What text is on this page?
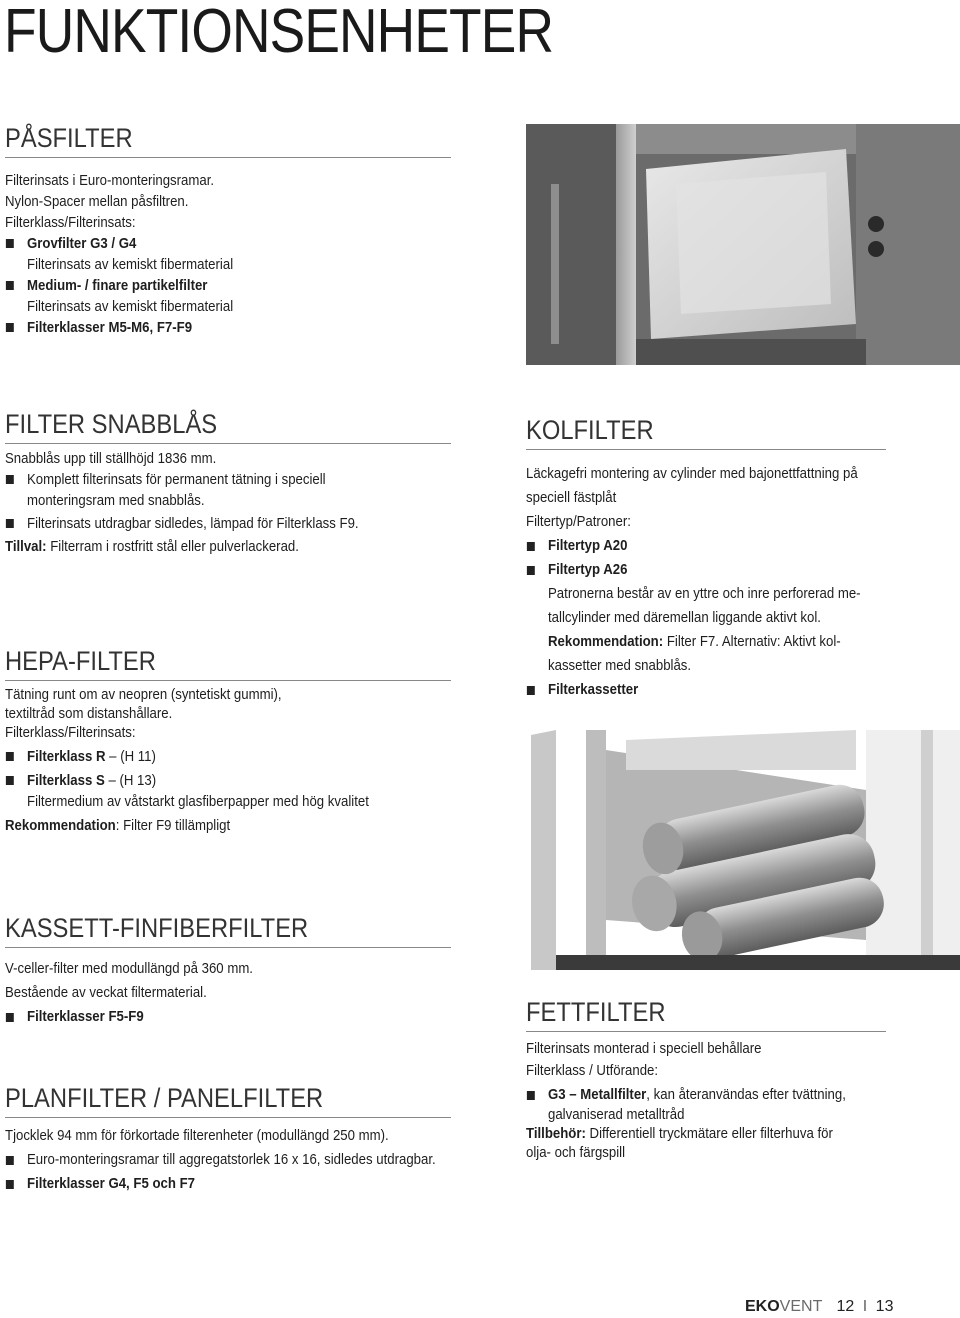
FUNKTIONSENHETER
PÅSFILTER
Filterinsats i Euro-monteringsramar.
Nylon-Spacer mellan påsfiltren.
Filterklass/Filterinsats:
Grovfilter G3 / G4
Filterinsats av kemiskt fibermaterial
Medium- / finare partikelfilter
Filterinsats av kemiskt fibermaterial
Filterklasser M5-M6, F7-F9
FILTER SNABBLÅS
Snabblås upp till ställhöjd 1836 mm.
Komplett filterinsats för permanent tätning i speciell
monteringsram med snabblås.
Filterinsats utdragbar sidledes, lämpad för Filterklass F9.
Tillval: Filterram i rostfritt stål eller pulverlackerad.
HEPA-FILTER
Tätning runt om av neopren (syntetiskt gummi),
textiltråd som distanshållare.
Filterklass/Filterinsats:
Filterklass R – (H 11)
Filterklass S – (H 13)
Filtermedium av våtstarkt glasfiberpapper med hög kvalitet
Rekommendation: Filter F9 tillämpligt
KOLFILTER
Läckagefri montering av cylinder med bajonettfattning på
speciell fästplåt
Filtertyp/Patroner:
Filtertyp A20
Filtertyp A26
Patronerna består av en yttre och inre perforerad me-
tallcylinder med däremellan liggande aktivt kol.
Rekommendation: Filter F7. Alternativ: Aktivt kol-
kassetter med snabblås.
Filterkassetter
KASSETT-FINFIBERFILTER
V-celler-filter med modullängd på 360 mm.
Bestående av veckat filtermaterial.
Filterklasser F5-F9
PLANFILTER / PANELFILTER
Tjocklek 94 mm för förkortade filterenheter (modullängd 250 mm).
Euro-monteringsramar till aggregatstorlek 16 x 16, sidledes utdragbar.
Filterklasser G4, F5 och F7
FETTFILTER
Filterinsats monterad i speciell behållare
Filterklass / Utförande:
G3 – Metallfilter, kan återanvändas efter tvättning,
galvaniserad metalltråd
Tillbehör: Differentiell tryckmätare eller filterhuva för
olja- och färgspill
EKOVENT 12 I 13
